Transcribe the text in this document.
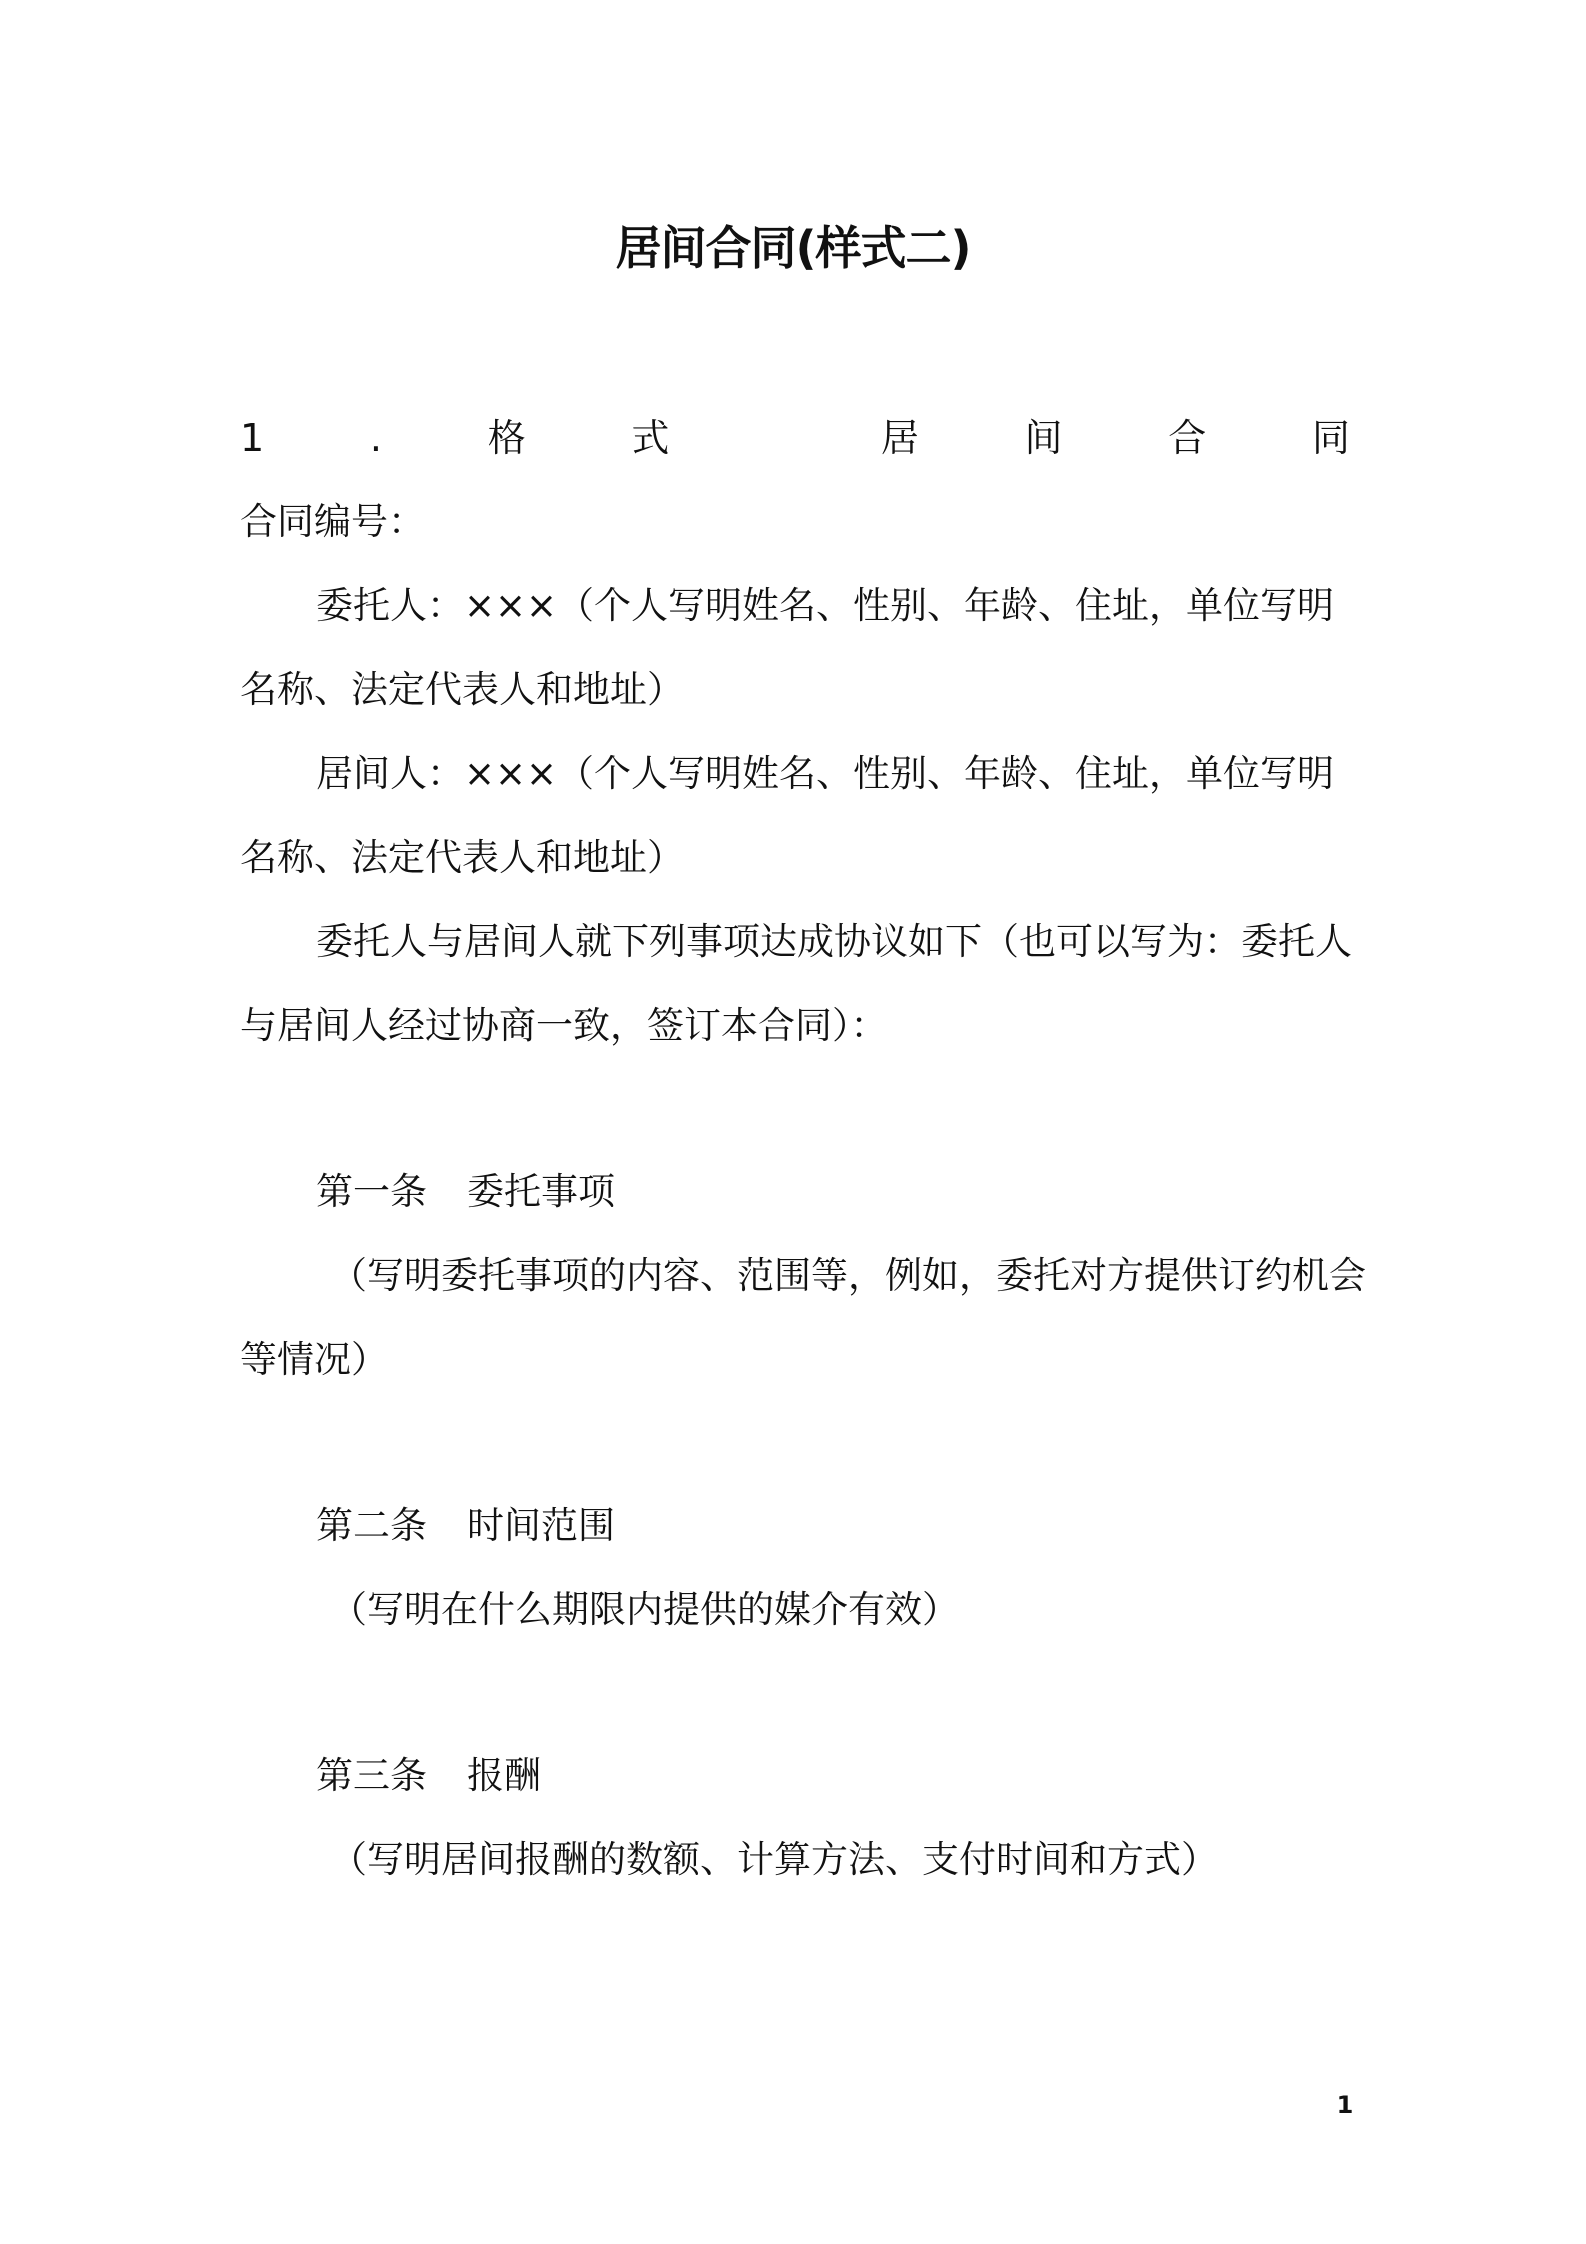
居间合同(样式二)
1	.	格	式	居	间	合	同
合同编号：
委托人：×××（个人写明姓名、性别、年龄、住址，单位写明
名称、法定代表人和地址）
居间人：×××（个人写明姓名、性别、年龄、住址，单位写明
名称、法定代表人和地址）
委托人与居间人就下列事项达成协议如下（也可以写为：委托人
与居间人经过协商一致，签订本合同）：
第一条 委托事项
（写明委托事项的内容、范围等，例如，委托对方提供订约机会
等情况）
第二条 时间范围
（写明在什么期限内提供的媒介有效）
第三条 报酬
（写明居间报酬的数额、计算方法、支付时间和方式）
1
